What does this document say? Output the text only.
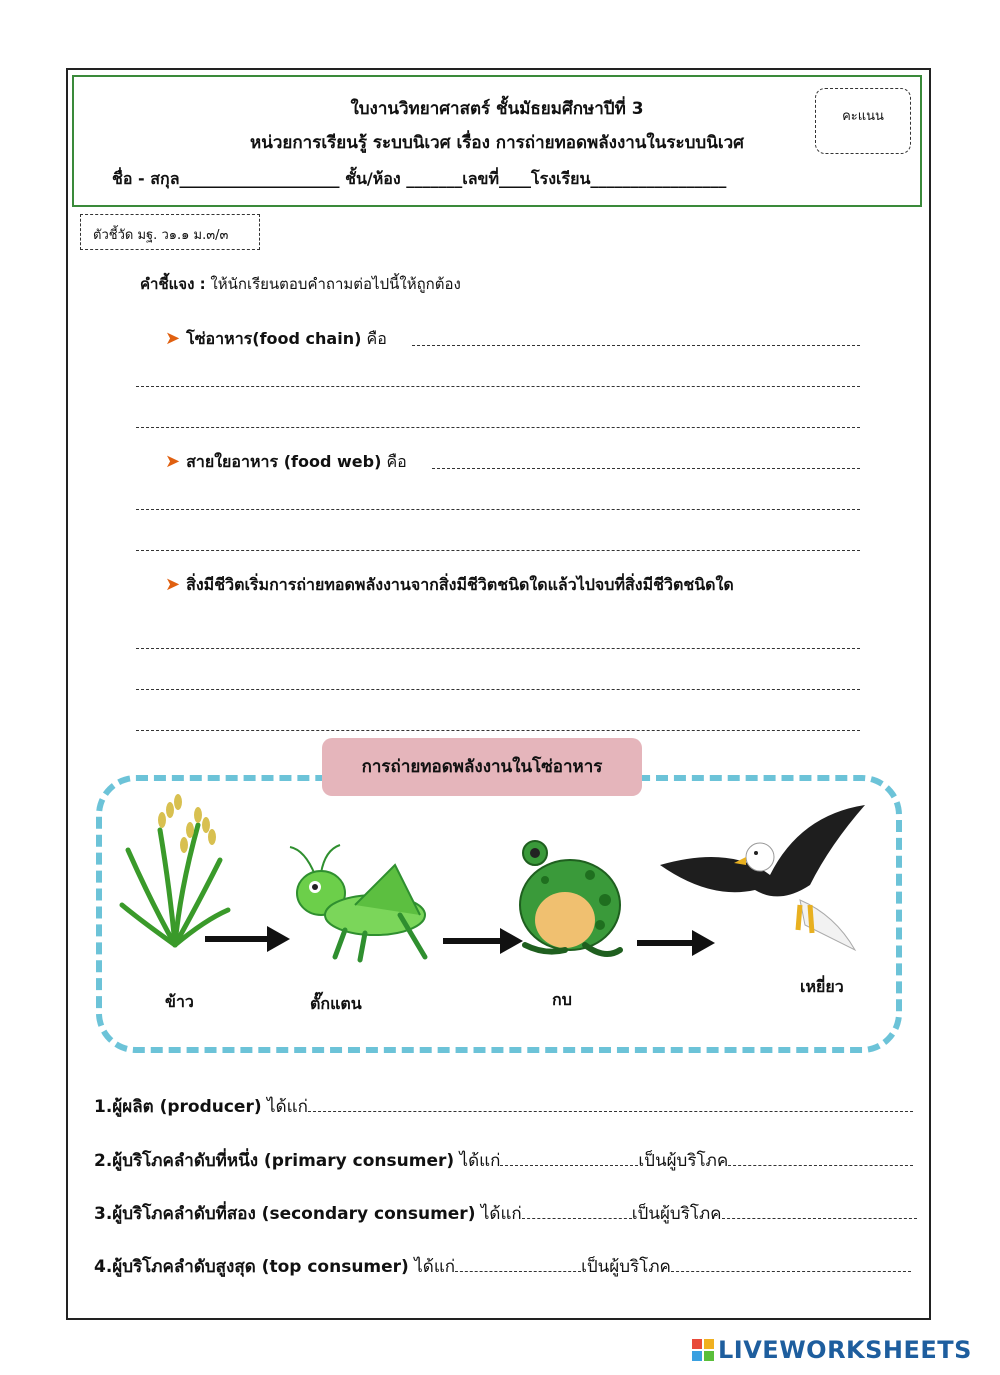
ใบงานวิทยาศาสตร์ ชั้นมัธยมศึกษาปีที่ 3
หน่วยการเรียนรู้ ระบบนิเวศ เรื่อง การถ่ายทอดพลังงานในระบบนิเวศ
ชื่อ - สกุล____________________ ชั้น/ห้อง _______เลขที่____โรงเรียน_________________
คะแนน
ตัวชี้วัด มฐ. ว๑.๑ ม.๓/๓
คำชี้แจง : ให้นักเรียนตอบคำถามต่อไปนี้ให้ถูกต้อง
➤ โซ่อาหาร(food chain) คือ
➤ สายใยอาหาร (food web) คือ
➤ สิ่งมีชีวิตเริ่มการถ่ายทอดพลังงานจากสิ่งมีชีวิตชนิดใดแล้วไปจบที่สิ่งมีชีวิตชนิดใด
การถ่ายทอดพลังงานในโซ่อาหาร
ข้าว	ตั๊กแตน	กบ
เหยี่ยว
1.ผู้ผลิต (producer) ได้แก่
2.ผู้บริโภคลำดับที่หนึ่ง (primary consumer) ได้แก่	เป็นผู้บริโภค
3.ผู้บริโภคลำดับที่สอง (secondary consumer) ได้แก่	เป็นผู้บริโภค
4.ผู้บริโภคลำดับสูงสุด (top consumer) ได้แก่	เป็นผู้บริโภค
LIVEWORKSHEETS
